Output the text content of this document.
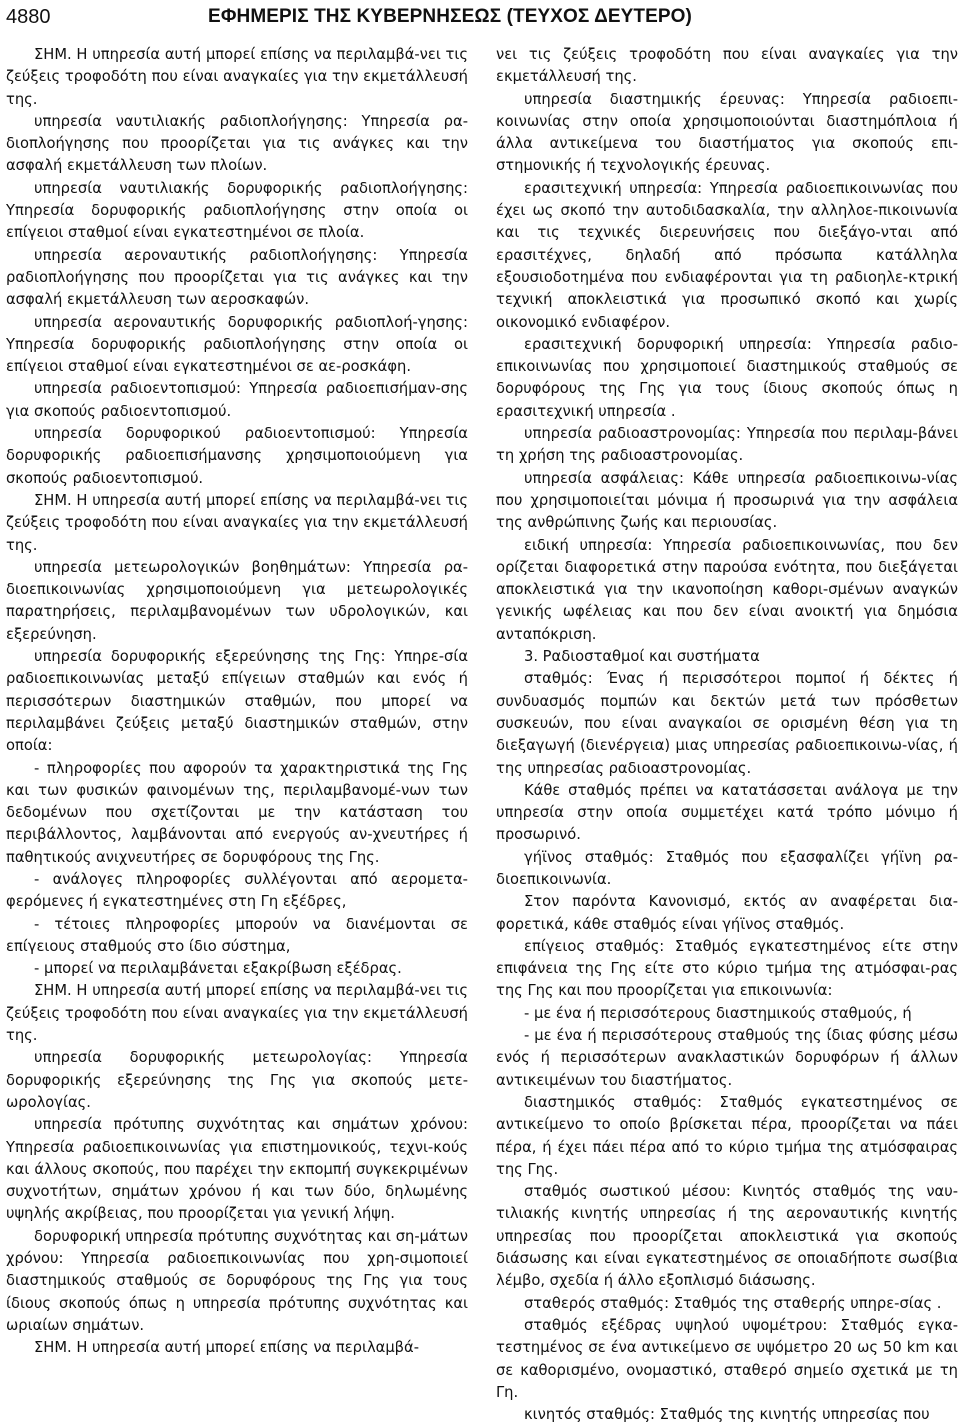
4880	ΕΦΗΜΕΡΙΣ ΤΗΣ ΚΥΒΕΡΝΗΣΕΩΣ (ΤΕΥΧΟΣ ΔΕΥΤΕΡΟ)

ΣΗΜ. Η υπηρεσία αυτή μπορεί επίσης να περιλαμβά-νει τις ζεύξεις τροφοδότη που είναι αναγκαίες για την εκμετάλλευσή της.

υπηρεσία ναυτιλιακής ραδιοπλοήγησης: Υπηρεσία ρα-διοπλοήγησης που προορίζεται για τις ανάγκες και την ασφαλή εκμετάλλευση των πλοίων.

υπηρεσία ναυτιλιακής δορυφορικής ραδιοπλοήγησης: Υπηρεσία δορυφορικής ραδιοπλοήγησης στην οποία οι επίγειοι σταθμοί είναι εγκατεστημένοι σε πλοία.

υπηρεσία αεροναυτικής ραδιοπλοήγησης: Υπηρεσία ραδιοπλοήγησης που προορίζεται για τις ανάγκες και την ασφαλή εκμετάλλευση των αεροσκαφών.

υπηρεσία αεροναυτικής δορυφορικής ραδιοπλοή-γησης: Υπηρεσία δορυφορικής ραδιοπλοήγησης στην οποία οι επίγειοι σταθμοί είναι εγκατεστημένοι σε αε-ροσκάφη.

υπηρεσία ραδιοεντοπισμού: Υπηρεσία ραδιοεπισήμαν-σης για σκοπούς ραδιοεντοπισμού.

υπηρεσία δορυφορικού ραδιοεντοπισμού: Υπηρεσία δορυφορικής ραδιοεπισήμανσης χρησιμοποιούμενη για σκοπούς ραδιοεντοπισμού.

ΣΗΜ. Η υπηρεσία αυτή μπορεί επίσης να περιλαμβά-νει τις ζεύξεις τροφοδότη που είναι αναγκαίες για την εκμετάλλευσή της.

υπηρεσία μετεωρολογικών βοηθημάτων: Υπηρεσία ρα-διοεπικοινωνίας χρησιμοποιούμενη για μετεωρολογικές παρατηρήσεις, περιλαμβανομένων των υδρολογικών, και εξερεύνηση.

υπηρεσία δορυφορικής εξερεύνησης της Γης: Υπηρε-σία ραδιοεπικοινωνίας μεταξύ επίγειων σταθμών και ενός ή περισσότερων διαστημικών σταθμών, που μπορεί να περιλαμβάνει ζεύξεις μεταξύ διαστημικών σταθμών, στην οποία:

- πληροφορίες που αφορούν τα χαρακτηριστικά της Γης και των φυσικών φαινομένων της, περιλαμβανομέ-νων των δεδομένων που σχετίζονται με την κατάσταση του περιβάλλοντος, λαμβάνονται από ενεργούς αν-χνευτήρες ή παθητικούς ανιχνευτήρες σε δορυφόρους της Γης.

- ανάλογες πληροφορίες συλλέγονται από αερομετα-φερόμενες ή εγκατεστημένες στη Γη εξέδρες,

- τέτοιες πληροφορίες μπορούν να διανέμονται σε επίγειους σταθμούς στο ίδιο σύστημα,

- μπορεί να περιλαμβάνεται εξακρίβωση εξέδρας.

ΣΗΜ. Η υπηρεσία αυτή μπορεί επίσης να περιλαμβά-νει τις ζεύξεις τροφοδότη που είναι αναγκαίες για την εκμετάλλευσή της.

υπηρεσία δορυφορικής μετεωρολογίας: Υπηρεσία δορυφορικής εξερεύνησης της Γης για σκοπούς μετε-ωρολογίας.

υπηρεσία πρότυπης συχνότητας και σημάτων χρόνου: Υπηρεσία ραδιοεπικοινωνίας για επιστημονικούς, τεχνι-κούς και άλλους σκοπούς, που παρέχει την εκπομπή συγκεκριμένων συχνοτήτων, σημάτων χρόνου ή και των δύο, δηλωμένης υψηλής ακρίβειας, που προορίζεται για γενική λήψη.

δορυφορική υπηρεσία πρότυπης συχνότητας και ση-μάτων χρόνου: Υπηρεσία ραδιοεπικοινωνίας που χρη-σιμοποιεί διαστημικούς σταθμούς σε δορυφόρους της Γης για τους ίδιους σκοπούς όπως η υπηρεσία πρότυπης συχνότητας και ωριαίων σημάτων.

ΣΗΜ. Η υπηρεσία αυτή μπορεί επίσης να περιλαμβά-

νει τις ζεύξεις τροφοδότη που είναι αναγκαίες για την εκμετάλλευσή της.

υπηρεσία διαστημικής έρευνας: Υπηρεσία ραδιοεπι-κοινωνίας στην οποία χρησιμοποιούνται διαστημόπλοια ή άλλα αντικείμενα του διαστήματος για σκοπούς επι-στημονικής ή τεχνολογικής έρευνας.

ερασιτεχνική υπηρεσία: Υπηρεσία ραδιοεπικοινωνίας που έχει ως σκοπό την αυτοδιδασκαλία, την αλληλοε-πικοινωνία και τις τεχνικές διερευνήσεις που διεξάγο-νται από ερασιτέχνες, δηλαδή από πρόσωπα κατάλληλα εξουσιοδοτημένα που ενδιαφέρονται για τη ραδιοηλε-κτρική τεχνική αποκλειστικά για προσωπικό σκοπό και χωρίς οικονομικό ενδιαφέρον.

ερασιτεχνική δορυφορική υπηρεσία: Υπηρεσία ραδιο-επικοινωνίας που χρησιμοποιεί διαστημικούς σταθμούς σε δορυφόρους της Γης για τους ίδιους σκοπούς όπως η ερασιτεχνική υπηρεσία .

υπηρεσία ραδιοαστρονομίας: Υπηρεσία που περιλαμ-βάνει τη χρήση της ραδιοαστρονομίας.

υπηρεσία ασφάλειας: Κάθε υπηρεσία ραδιοεπικοινω-νίας που χρησιμοποιείται μόνιμα ή προσωρινά για την ασφάλεια της ανθρώπινης ζωής και περιουσίας.

ειδική υπηρεσία: Υπηρεσία ραδιοεπικοινωνίας, που δεν ορίζεται διαφορετικά στην παρούσα ενότητα, που διεξάγεται αποκλειστικά για την ικανοποίηση καθορι-σμένων αναγκών γενικής ωφέλειας και που δεν είναι ανοικτή για δημόσια ανταπόκριση.

3. Ραδιοσταθμοί και συστήματα

σταθμός: Ένας ή περισσότεροι πομποί ή δέκτες ή συνδυασμός πομπών και δεκτών μετά των πρόσθετων συσκευών, που είναι αναγκαίοι σε ορισμένη θέση για τη διεξαγωγή (διενέργεια) μιας υπηρεσίας ραδιοεπικοινω-νίας, ή της υπηρεσίας ραδιοαστρονομίας.

Κάθε σταθμός πρέπει να κατατάσσεται ανάλογα με την υπηρεσία στην οποία συμμετέχει κατά τρόπο μόνιμο ή προσωρινό.

γήϊνος σταθμός: Σταθμός που εξασφαλίζει γήϊνη ρα-διοεπικοινωνία.

Στον παρόντα Κανονισμό, εκτός αν αναφέρεται δια-φορετικά, κάθε σταθμός είναι γήϊνος σταθμός.

επίγειος σταθμός: Σταθμός εγκατεστημένος είτε στην επιφάνεια της Γης είτε στο κύριο τμήμα της ατμόσφαι-ρας της Γης και που προορίζεται για επικοινωνία:

- με ένα ή περισσότερους διαστημικούς σταθμούς, ή

- με ένα ή περισσότερους σταθμούς της ίδιας φύσης μέσω ενός ή περισσότερων ανακλαστικών δορυφόρων ή άλλων αντικειμένων του διαστήματος.

διαστημικός σταθμός: Σταθμός εγκατεστημένος σε αντικείμενο το οποίο βρίσκεται πέρα, προορίζεται να πάει πέρα, ή έχει πάει πέρα από το κύριο τμήμα της ατμόσφαιρας της Γης.

σταθμός σωστικού μέσου: Κινητός σταθμός της ναυ-τιλιακής κινητής υπηρεσίας ή της αεροναυτικής κινητής υπηρεσίας που προορίζεται αποκλειστικά για σκοπούς διάσωσης και είναι εγκατεστημένος σε οποιαδήποτε σωσίβια λέμβο, σχεδία ή άλλο εξοπλισμό διάσωσης.

σταθερός σταθμός: Σταθμός της σταθερής υπηρε-σίας .

σταθμός εξέδρας υψηλού υψομέτρου: Σταθμός εγκα-τεστημένος σε ένα αντικείμενο σε υψόμετρο 20 ως 50 km και σε καθορισμένο, ονομαστικό, σταθερό σημείο σχετικά με τη Γη.

κινητός σταθμός: Σταθμός της κινητής υπηρεσίας που
